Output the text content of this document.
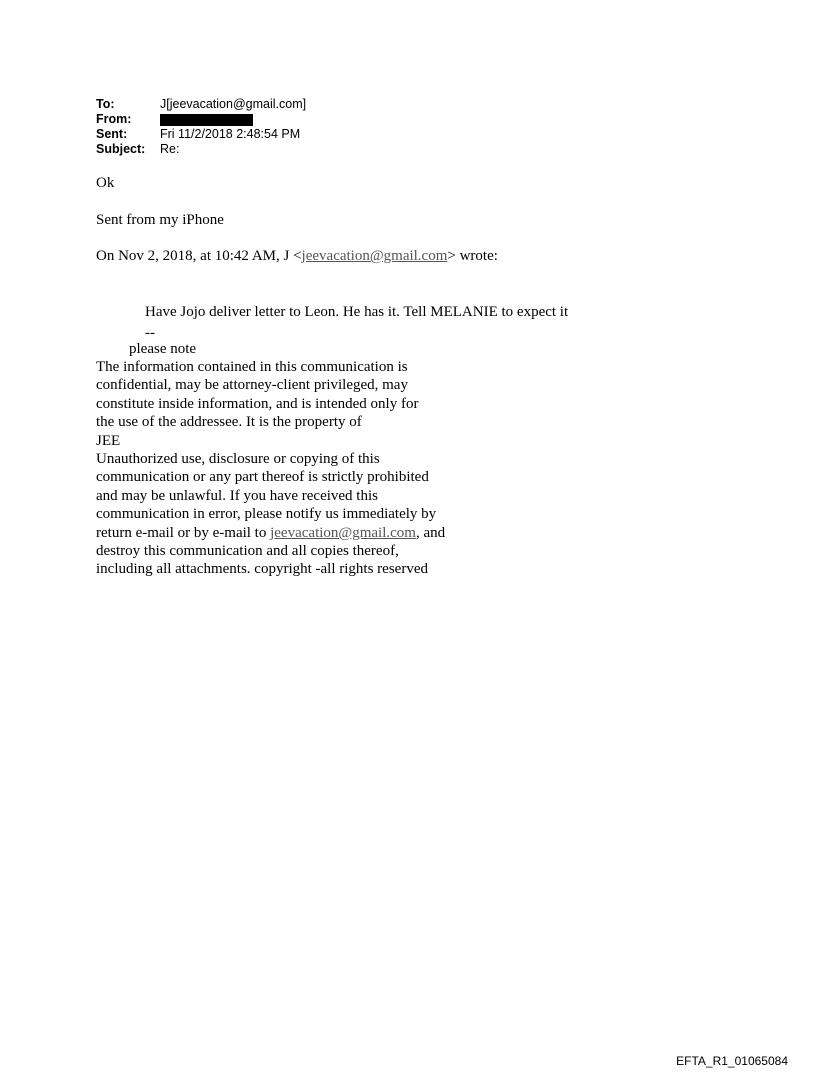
To:	J[jeevacation@gmail.com]
From:
Sent:	Fri 11/2/2018 2:48:54 PM
Subject:	Re:
Ok
Sent from my iPhone
On Nov 2, 2018, at 10:42 AM, J <jeevacation@gmail.com> wrote:
Have Jojo deliver letter to Leon. He has it. Tell MELANIE to expect it
--
please note
The information contained in this communication is
confidential, may be attorney-client privileged, may
constitute inside information, and is intended only for
the use of the addressee. It is the property of
JEE
Unauthorized use, disclosure or copying of this
communication or any part thereof is strictly prohibited
and may be unlawful. If you have received this
communication in error, please notify us immediately by
return e-mail or by e-mail to jeevacation@gmail.com, and
destroy this communication and all copies thereof,
including all attachments. copyright -all rights reserved
EFTA_R1_01065084
